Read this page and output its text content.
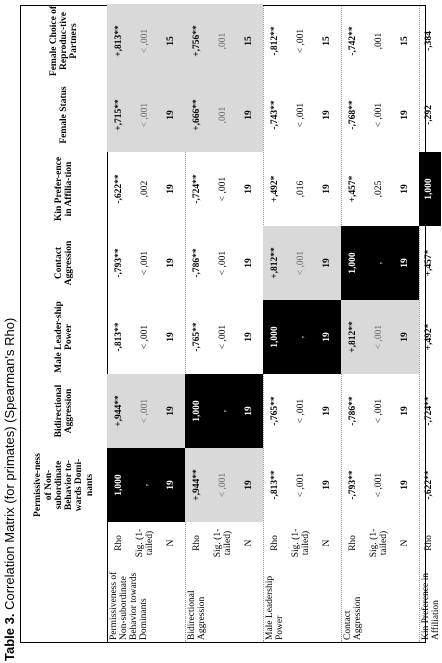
Table 3. Correlation Matrix (for primates) (Spearman's Rho)	Permissive-ness of Non-subordinate Behavior to-wards Domi-nants
Bidirectional Aggression
Male Leader-ship Power
Contact Aggression
Kin Prefer-ence in Affilia-tion
Female Status
Female Choice of Reproduc-tive Partners
Permissiveness of Non-subordinate Behavior towards Dominants
Rho
1,000
+,944**
-,813**
-,793**
-,622**
+,715**
+,813**
Sig. (1-tailed)
,
< ,001
< ,001
< ,001
,002
< ,001
< ,001
N
19
19
19
19
19
19
15
Bidirectional Aggression
Rho
+,944**
1,000
-,765**
-,786**
-,724**
+,666**
+,756**
Sig. (1-tailed)
< ,001
,
< ,001
< ,001
< ,001
,001
,001
N
19
19
19
19
19
19
15
Male Leadership Power
Rho
-,813**
-,765**
1,000
+,812**
+,492*
-,743**
-,812**
Sig. (1-tailed)
< ,001
< ,001
,
< ,001
,016
< ,001
< ,001
N
19
19
19
19
19
19
15
Contact Aggression
Rho
-,793**
-,786**
+,812**
1,000
+,457*
-,768**
-,742**
Sig. (1-tailed)
< ,001
< ,001
< ,001
,
,025
< ,001
,001
N
19
19
19
19
19
19
15
Kin Preference in Affiliation
Rho
-,622**
-,724**
+,492*
+,457*
1,000
-,292
-,384
